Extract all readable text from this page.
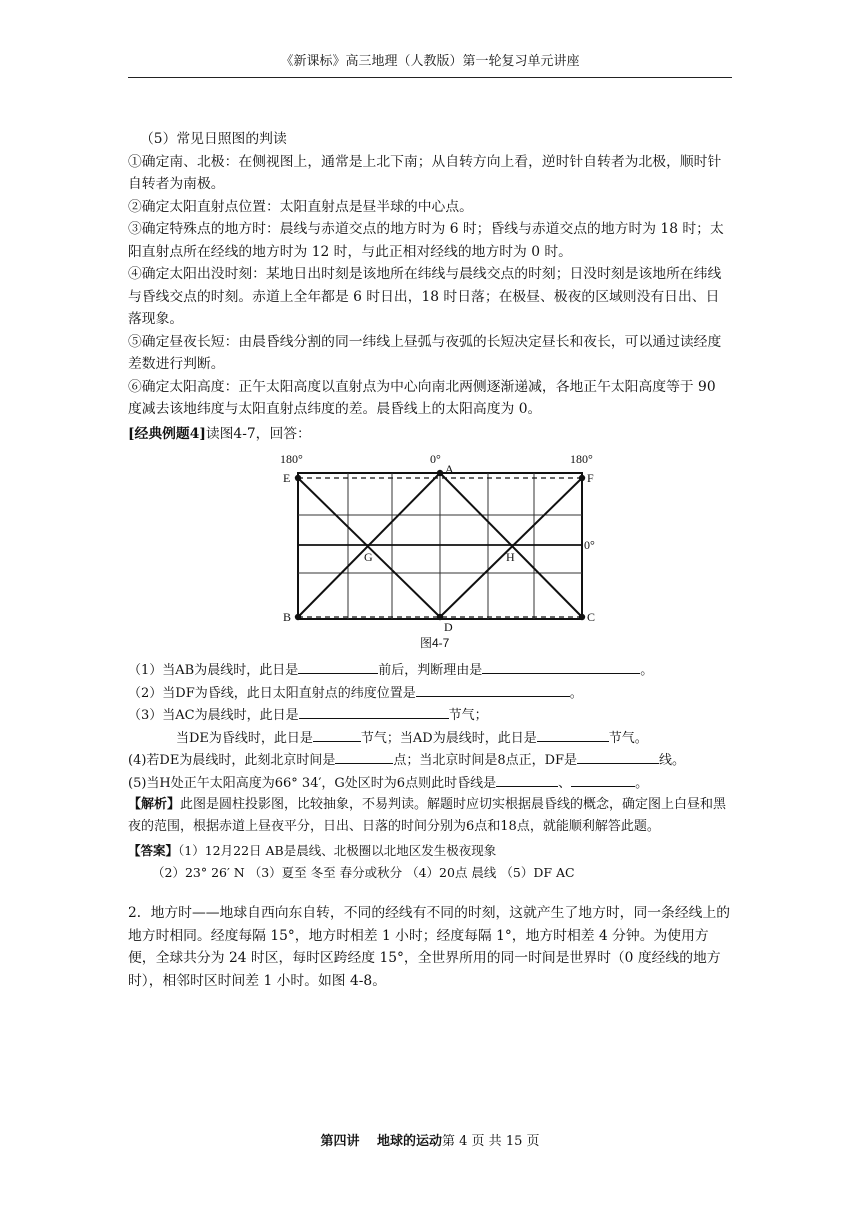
《新课标》高三地理（人教版）第一轮复习单元讲座

（5）常见日照图的判读

①确定南、北极：在侧视图上，通常是上北下南；从自转方向上看，逆时针自转者为北极，顺时针自转者为南极。

②确定太阳直射点位置：太阳直射点是昼半球的中心点。

③确定特殊点的地方时：晨线与赤道交点的地方时为 6 时；昏线与赤道交点的地方时为 18 时；太阳直射点所在经线的地方时为 12 时，与此正相对经线的地方时为 0 时。

④确定太阳出没时刻：某地日出时刻是该地所在纬线与晨线交点的时刻；日没时刻是该地所在纬线与昏线交点的时刻。赤道上全年都是 6 时日出，18 时日落；在极昼、极夜的区域则没有日出、日落现象。

⑤确定昼夜长短：由晨昏线分割的同一纬线上昼弧与夜弧的长短决定昼长和夜长，可以通过读经度差数进行判断。

⑥确定太阳高度：正午太阳高度以直射点为中心向南北两侧逐渐递减，各地正午太阳高度等于 90 度减去该地纬度与太阳直射点纬度的差。晨昏线上的太阳高度为 0。

[经典例题4]读图4-7，回答：

180°	0°	180°
0°
E
A
F
G	H
B
D
C
图4-7

（1）当AB为晨线时，此日是	前后，判断理由是	。

（2）当DF为昏线，此日太阳直射点的纬度位置是	。

（3）当AC为晨线时，此日是	节气；

当DE为昏线时，此日是	节气；当AD为晨线时，此日是	节气。

(4)若DE为晨线时，此刻北京时间是	点；当北京时间是8点正，DF是	线。

(5)当H处正午太阳高度为66° 34′，G处区时为6点则此时昏线是	、	。

【解析】此图是圆柱投影图，比较抽象，不易判读。解题时应切实根据晨昏线的概念，确定图上白昼和黑夜的范围，根据赤道上昼夜平分，日出、日落的时间分别为6点和18点，就能顺利解答此题。

【答案】（1）12月22日 AB是晨线、北极圈以北地区发生极夜现象

（2）23° 26′ N （3）夏至 冬至 春分或秋分 （4）20点 晨线 （5）DF AC

2．地方时——地球自西向东自转，不同的经线有不同的时刻，这就产生了地方时，同一条经线上的地方时相同。经度每隔 15°，地方时相差 1 小时；经度每隔 1°，地方时相差 4 分钟。为使用方便，全球共分为 24 时区，每时区跨经度 15°，全世界所用的同一时间是世界时（0 度经线的地方时），相邻时区时间差 1 小时。如图 4-8。

第四讲　 地球的运动第 4 页 共 15 页
